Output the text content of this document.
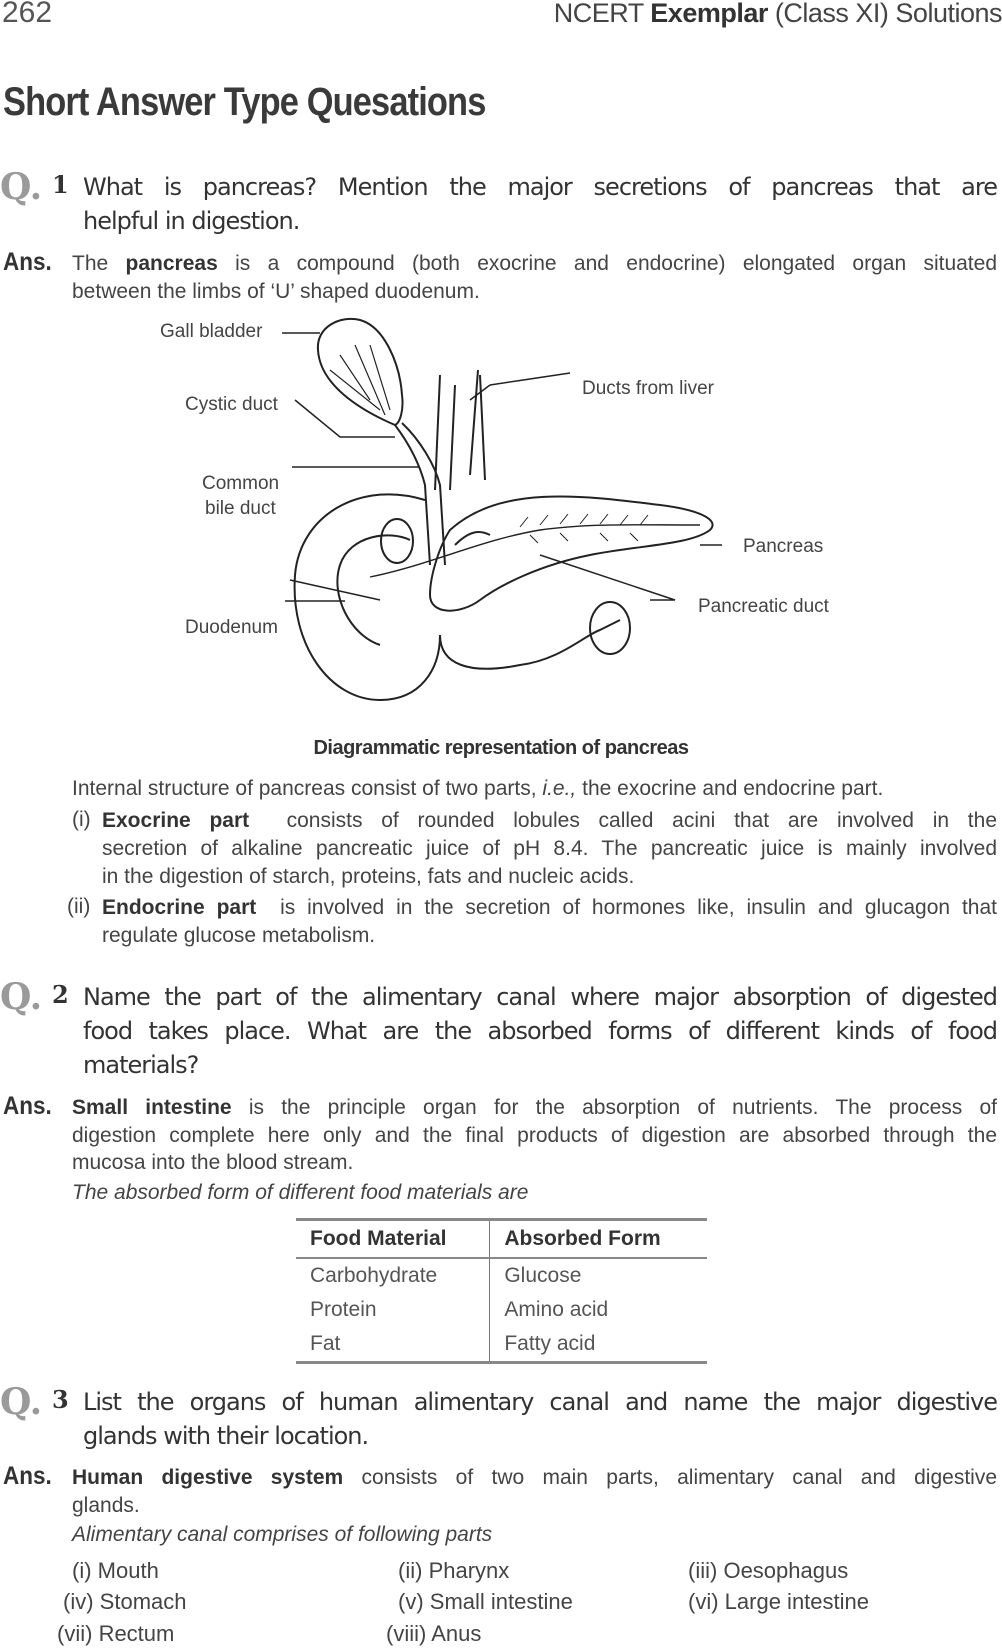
262	NCERT Exemplar (Class XI) Solutions
Short Answer Type Quesations
Q. 1 What is pancreas? Mention the major secretions of pancreas that are
helpful in digestion.
Ans. The pancreas is a compound (both exocrine and endocrine) elongated organ situated
between the limbs of ‘U’ shaped duodenum.
Gall bladder
Cystic duct
Common
bile duct
Duodenum
Ducts from liver
Pancreas
Pancreatic duct
Diagrammatic representation of pancreas
Internal structure of pancreas consist of two parts, i.e., the exocrine and endocrine part.
(i) Exocrine part consists of rounded lobules called acini that are involved in the
secretion of alkaline pancreatic juice of pH 8.4. The pancreatic juice is mainly involved
in the digestion of starch, proteins, fats and nucleic acids.
(ii) Endocrine part is involved in the secretion of hormones like, insulin and glucagon that
regulate glucose metabolism.
Q. 2 Name the part of the alimentary canal where major absorption of digested
food takes place. What are the absorbed forms of different kinds of food
materials?
Ans. Small intestine is the principle organ for the absorption of nutrients. The process of
digestion complete here only and the final products of digestion are absorbed through the
mucosa into the blood stream.
The absorbed form of different food materials are
Food Material	Absorbed Form
Carbohydrate	Glucose
Protein	Amino acid
Fat	Fatty acid
Q. 3 List the organs of human alimentary canal and name the major digestive
glands with their location.
Ans. Human digestive system consists of two main parts, alimentary canal and digestive
glands.
Alimentary canal comprises of following parts
(i) Mouth	(ii) Pharynx	(iii) Oesophagus
(iv) Stomach	(v) Small intestine	(vi) Large intestine
(vii) Rectum	(viii) Anus
